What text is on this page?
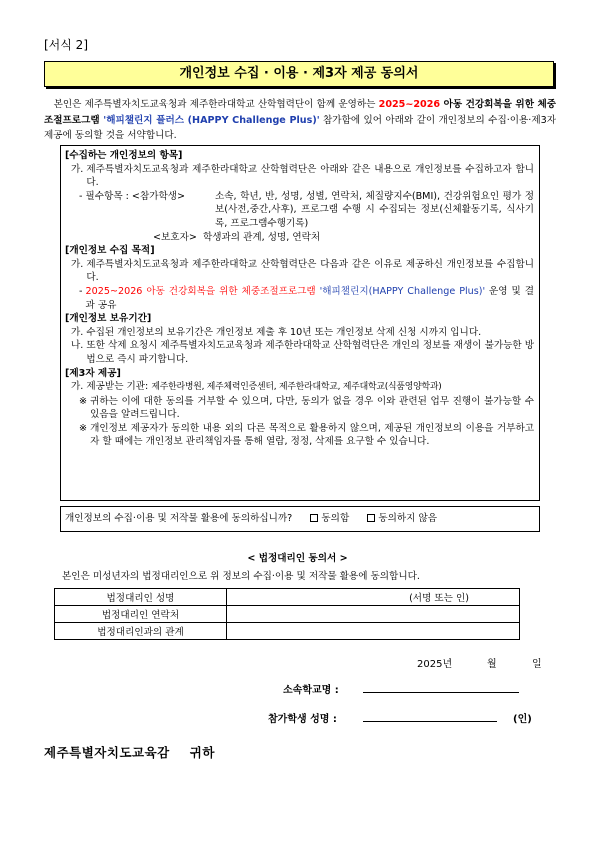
[서식 2]
개인정보 수집 · 이용 · 제3자 제공 동의서
본인은 제주특별자치도교육청과 제주한라대학교 산학협력단이 함께 운영하는 2025~2026 아동 건강회복을 위한 체중조절프로그램 '해피챌린지 플러스 (HAPPY Challenge Plus)' 참가함에 있어 아래와 같이 개인정보의 수집·이용·제3자 제공에 동의할 것을 서약합니다.
[수집하는 개인정보의 항목]
가.
제주특별자치도교육청과 제주한라대학교 산학협력단은 아래와 같은 내용으로 개인정보를 수집하고자 합니다.
- 필수항목 : <참가학생>	소속, 학년, 반, 성명, 성별, 연락처, 체질량지수(BMI), 건강위험요인 평가 정보(사전,중간,사후), 프로그램 수행 시 수집되는 정보(신체활동기록, 식사기록, 프로그램수행기록)
<보호자> 학생과의 관계, 성명, 연락처
[개인정보 수집 목적]
가.
제주특별자치도교육청과 제주한라대학교 산학협력단은 다음과 같은 이유로 제공하신 개인정보를 수집합니다.
-
2025~2026 아동 건강회복을 위한 체중조절프로그램 '해피챌린지(HAPPY Challenge Plus)' 운영 및 결과 공유
[개인정보 보유기간]
가.
수집된 개인정보의 보유기간은 개인정보 제출 후 10년 또는 개인정보 삭제 신청 시까지 입니다.
나.
또한 삭제 요청시 제주특별자치도교육청과 제주한라대학교 산학협력단은 개인의 정보를 재생이 불가능한 방법으로 즉시 파기합니다.
[제3자 제공]
가.
제공받는 기관: 제주한라병원, 제주체력인증센터, 제주한라대학교, 제주대학교(식품영양학과)
※
귀하는 이에 대한 동의를 거부할 수 있으며, 다만, 동의가 없을 경우 이와 관련된 업무 진행이 불가능할 수 있음을 알려드립니다.
※
개인정보 제공자가 동의한 내용 외의 다른 목적으로 활용하지 않으며, 제공된 개인정보의 이용을 거부하고자 할 때에는 개인정보 관리책임자를 통해 열람, 정정, 삭제를 요구할 수 있습니다.
개인정보의 수집·이용 및 저작물 활용에 동의하십니까?	동의함	동의하지 않음
< 법정대리인 동의서 >
본인은 미성년자의 법정대리인으로 위 정보의 수집·이용 및 저작물 활용에 동의합니다.
법정대리인 성명	(서명 또는 인)
법정대리인 연락처	
법정대리인과의 관계	
2025년	월	일
소속학교명 :
참가학생 성명 :	(인)
제주특별자치도교육감 귀하
